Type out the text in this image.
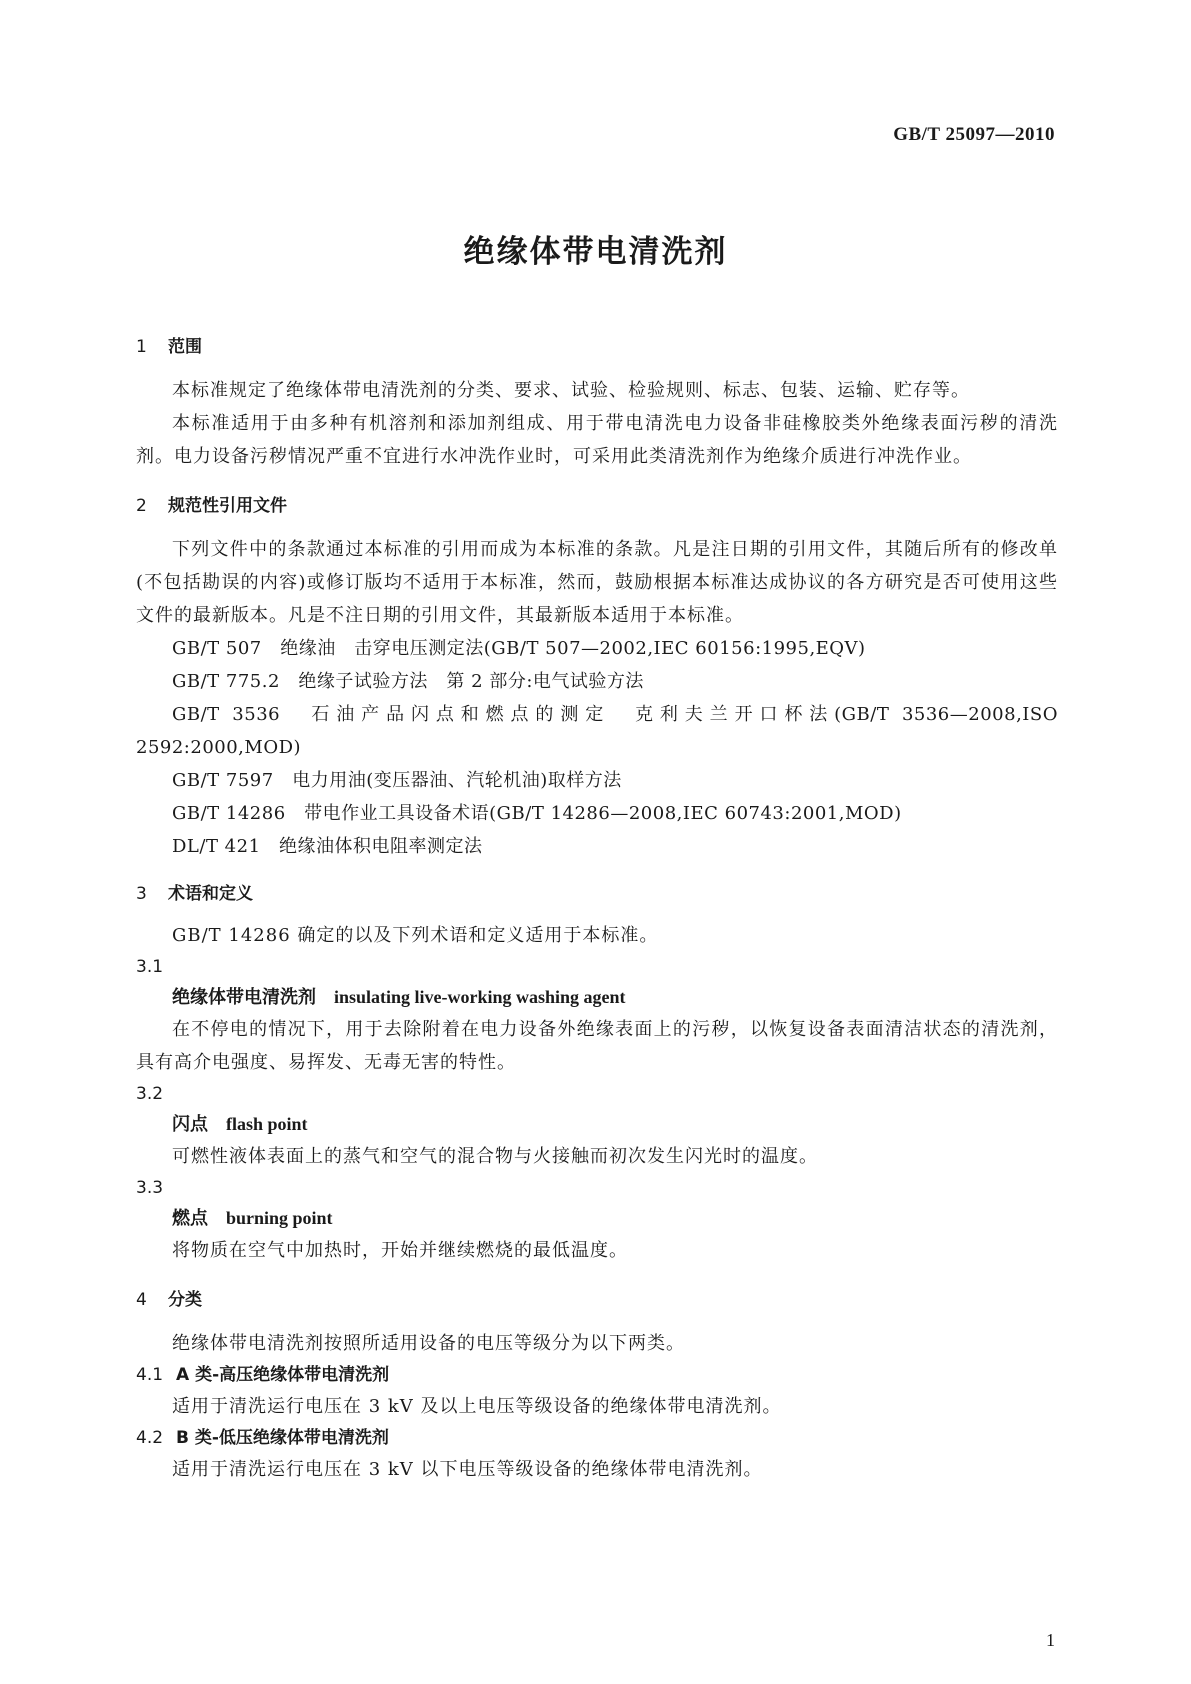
GB/T 25097—2010
绝缘体带电清洗剂
1 范围

本标准规定了绝缘体带电清洗剂的分类、要求、试验、检验规则、标志、包装、运输、贮存等。

本标准适用于由多种有机溶剂和添加剂组成、用于带电清洗电力设备非硅橡胶类外绝缘表面污秽的清洗剂。电力设备污秽情况严重不宜进行水冲洗作业时，可采用此类清洗剂作为绝缘介质进行冲洗作业。

2 规范性引用文件

下列文件中的条款通过本标准的引用而成为本标准的条款。凡是注日期的引用文件，其随后所有的修改单(不包括勘误的内容)或修订版均不适用于本标准，然而，鼓励根据本标准达成协议的各方研究是否可使用这些文件的最新版本。凡是不注日期的引用文件，其最新版本适用于本标准。

GB/T 507　绝缘油　击穿电压测定法(GB/T 507—2002,IEC 60156:1995,EQV)

GB/T 775.2　绝缘子试验方法　第 2 部分:电气试验方法

GB/T 3536　石油产品闪点和燃点的测定　克利夫兰开口杯法(GB/T 3536—2008,ISO 2592:2000,MOD)

GB/T 7597　电力用油(变压器油、汽轮机油)取样方法

GB/T 14286　带电作业工具设备术语(GB/T 14286—2008,IEC 60743:2001,MOD)

DL/T 421　绝缘油体积电阻率测定法

3 术语和定义

GB/T 14286 确定的以及下列术语和定义适用于本标准。

3.1
绝缘体带电清洗剂 insulating live-working washing agent

在不停电的情况下，用于去除附着在电力设备外绝缘表面上的污秽，以恢复设备表面清洁状态的清洗剂，具有高介电强度、易挥发、无毒无害的特性。

3.2
闪点 flash point

可燃性液体表面上的蒸气和空气的混合物与火接触而初次发生闪光时的温度。

3.3
燃点 burning point

将物质在空气中加热时，开始并继续燃烧的最低温度。

4 分类

绝缘体带电清洗剂按照所适用设备的电压等级分为以下两类。

4.1 A 类-高压绝缘体带电清洗剂

适用于清洗运行电压在 3 kV 及以上电压等级设备的绝缘体带电清洗剂。

4.2 B 类-低压绝缘体带电清洗剂

适用于清洗运行电压在 3 kV 以下电压等级设备的绝缘体带电清洗剂。

1
